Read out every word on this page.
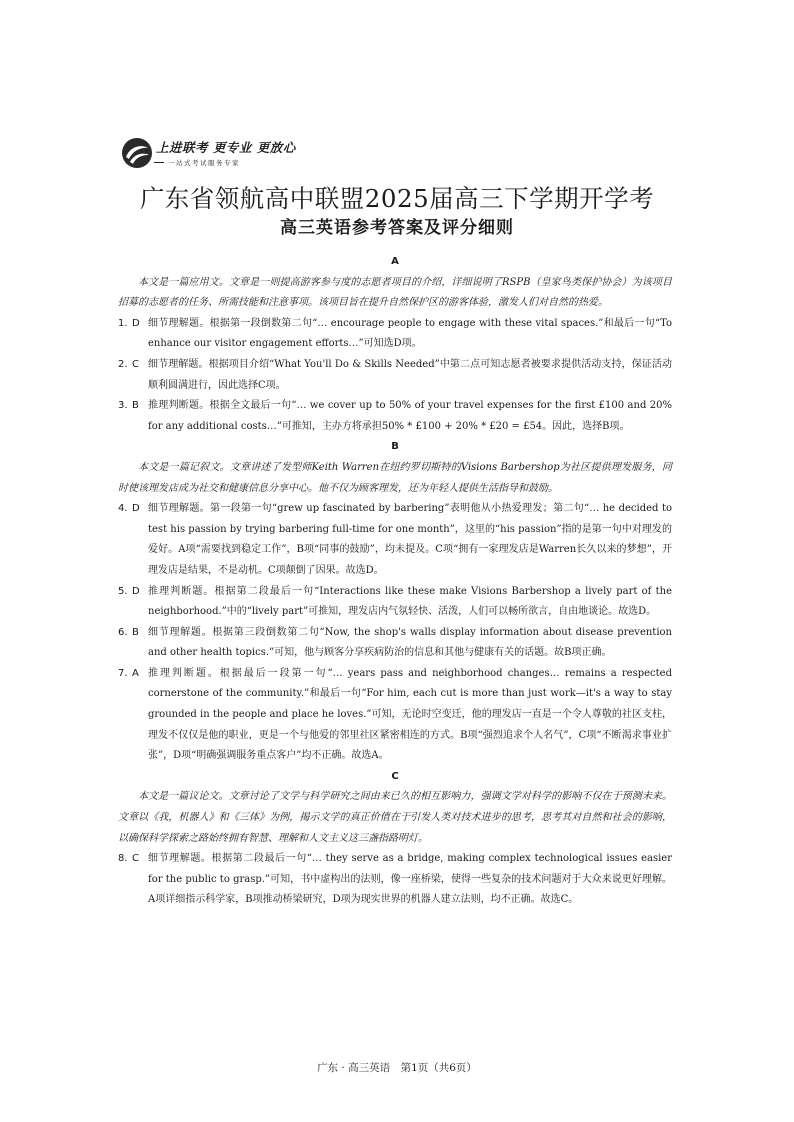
上进联考 更专业 更放心
一站式考试服务专家
广东省领航高中联盟2025届高三下学期开学考
高三英语参考答案及评分细则
A

本文是一篇应用文。文章是一则提高游客参与度的志愿者项目的介绍，详细说明了RSPB（皇家鸟类保护协会）为该项目招募的志愿者的任务、所需技能和注意事项。该项目旨在提升自然保护区的游客体验，激发人们对自然的热爱。

1. D 细节理解题。根据第一段倒数第二句“… encourage people to engage with these vital spaces.”和最后一句“To enhance our visitor engagement efforts…”可知选D项。
2. C 细节理解题。根据项目介绍“What You'll Do & Skills Needed”中第二点可知志愿者被要求提供活动支持，保证活动顺利圆满进行，因此选择C项。
3. B 推理判断题。根据全文最后一句“… we cover up to 50% of your travel expenses for the first £100 and 20% for any additional costs…”可推知，主办方将承担50% * £100 + 20% * £20 = £54。因此，选择B项。
B

本文是一篇记叙文。文章讲述了发型师Keith Warren在纽约罗切斯特的Visions Barbershop为社区提供理发服务，同时使该理发店成为社交和健康信息分享中心。他不仅为顾客理发，还为年轻人提供生活指导和鼓励。

4. D 细节理解题。第一段第一句“grew up fascinated by barbering”表明他从小热爱理发；第二句“… he decided to test his passion by trying barbering full-time for one month”，这里的“his passion”指的是第一句中对理发的爱好。A项“需要找到稳定工作”，B项“同事的鼓励”，均未提及。C项“拥有一家理发店是Warren长久以来的梦想”，开理发店是结果，不是动机。C项颠倒了因果。故选D。
5. D 推理判断题。根据第二段最后一句“Interactions like these make Visions Barbershop a lively part of the neighborhood.”中的“lively part”可推知，理发店内气氛轻快、活泼，人们可以畅所欲言，自由地谈论。故选D。
6. B 细节理解题。根据第三段倒数第二句“Now, the shop's walls display information about disease prevention and other health topics.”可知，他与顾客分享疾病防治的信息和其他与健康有关的话题。故B项正确。
7. A 推理判断题。根据最后一段第一句“… years pass and neighborhood changes… remains a respected cornerstone of the community.”和最后一句“For him, each cut is more than just work—it's a way to stay grounded in the people and place he loves.”可知，无论时空变迁，他的理发店一直是一个令人尊敬的社区支柱，理发不仅仅是他的职业，更是一个与他爱的邻里社区紧密相连的方式。B项“强烈追求个人名气”，C项“不断渴求事业扩张”，D项“明确强调服务重点客户”均不正确。故选A。
C

本文是一篇议论文。文章讨论了文学与科学研究之间由来已久的相互影响力，强调文学对科学的影响不仅在于预测未来。文章以《我，机器人》和《三体》为例，揭示文学的真正价值在于引发人类对技术进步的思考，思考其对自然和社会的影响，以确保科学探索之路始终拥有智慧、理解和人文主义这三盏指路明灯。

8. C 细节理解题。根据第二段最后一句“… they serve as a bridge, making complex technological issues easier for the public to grasp.”可知，书中虚构出的法则，像一座桥梁，使得一些复杂的技术问题对于大众来说更好理解。A项详细指示科学家，B项推动桥梁研究，D项为现实世界的机器人建立法则，均不正确。故选C。
广东 · 高三英语　第1页（共6页）
